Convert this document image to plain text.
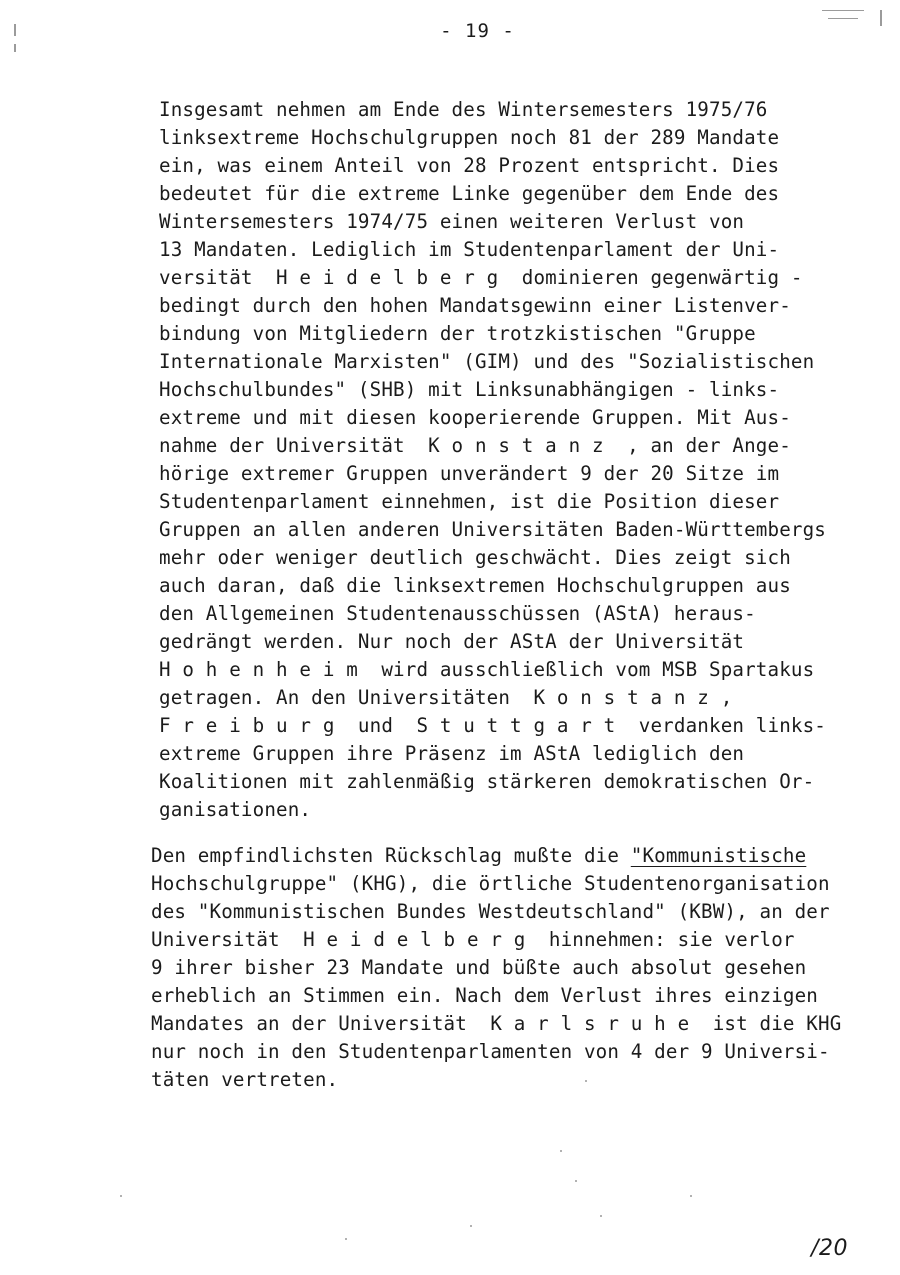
- 19 -
Insgesamt nehmen am Ende des Wintersemesters 1975/76
linksextreme Hochschulgruppen noch 81 der 289 Mandate
ein, was einem Anteil von 28 Prozent entspricht. Dies
bedeutet für die extreme Linke gegenüber dem Ende des
Wintersemesters 1974/75 einen weiteren Verlust von
13 Mandaten. Lediglich im Studentenparlament der Uni-
versität  H e i d e l b e r g  dominieren gegenwärtig -
bedingt durch den hohen Mandatsgewinn einer Listenver-
bindung von Mitgliedern der trotzkistischen "Gruppe
Internationale Marxisten" (GIM) und des "Sozialistischen
Hochschulbundes" (SHB) mit Linksunabhängigen - links-
extreme und mit diesen kooperierende Gruppen. Mit Aus-
nahme der Universität  K o n s t a n z  , an der Ange-
hörige extremer Gruppen unverändert 9 der 20 Sitze im
Studentenparlament einnehmen, ist die Position dieser
Gruppen an allen anderen Universitäten Baden-Württembergs
mehr oder weniger deutlich geschwächt. Dies zeigt sich
auch daran, daß die linksextremen Hochschulgruppen aus
den Allgemeinen Studentenausschüssen (AStA) heraus-
gedrängt werden. Nur noch der AStA der Universität
H o h e n h e i m  wird ausschließlich vom MSB Spartakus
getragen. An den Universitäten  K o n s t a n z ,
F r e i b u r g  und  S t u t t g a r t  verdanken links-
extreme Gruppen ihre Präsenz im AStA lediglich den
Koalitionen mit zahlenmäßig stärkeren demokratischen Or-
ganisationen.
Den empfindlichsten Rückschlag mußte die "Kommunistische
Hochschulgruppe" (KHG), die örtliche Studentenorganisation
des "Kommunistischen Bundes Westdeutschland" (KBW), an der
Universität  H e i d e l b e r g  hinnehmen: sie verlor
9 ihrer bisher 23 Mandate und büßte auch absolut gesehen
erheblich an Stimmen ein. Nach dem Verlust ihres einzigen
Mandates an der Universität  K a r l s r u h e  ist die KHG
nur noch in den Studentenparlamenten von 4 der 9 Universi-
täten vertreten.
/20
